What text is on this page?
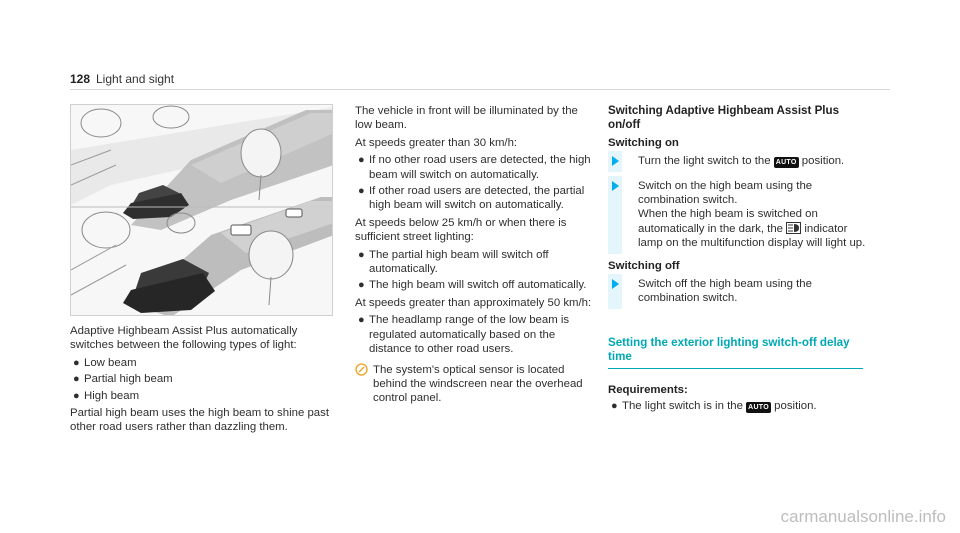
128 Light and sight

Adaptive Highbeam Assist Plus automatically switches between the following types of light:

● Low beam
● Partial high beam
● High beam

Partial high beam uses the high beam to shine past other road users rather than dazzling them.

The vehicle in front will be illuminated by the low beam.

At speeds greater than 30 km/h:

● If no other road users are detected, the high beam will switch on automatically.
● If other road users are detected, the partial high beam will switch on automatically.

At speeds below 25 km/h or when there is sufficient street lighting:

● The partial high beam will switch off automatically.
● The high beam will switch off automatically.

At speeds greater than approximately 50 km/h:

● The headlamp range of the low beam is regulated automatically based on the distance to other road users.
The system's optical sensor is located behind the windscreen near the overhead control panel.

Switching Adaptive Highbeam Assist Plus on/off

Switching on

Turn the light switch to the AUTO position.
Switch on the high beam using the combination switch.
When the high beam is switched on automatically in the dark, the indicator lamp on the multifunction display will light up.

Switching off

Switch off the high beam using the combination switch.

Setting the exterior lighting switch-off delay time

Requirements:

● The light switch is in the AUTO position.
carmanualsonline.info
